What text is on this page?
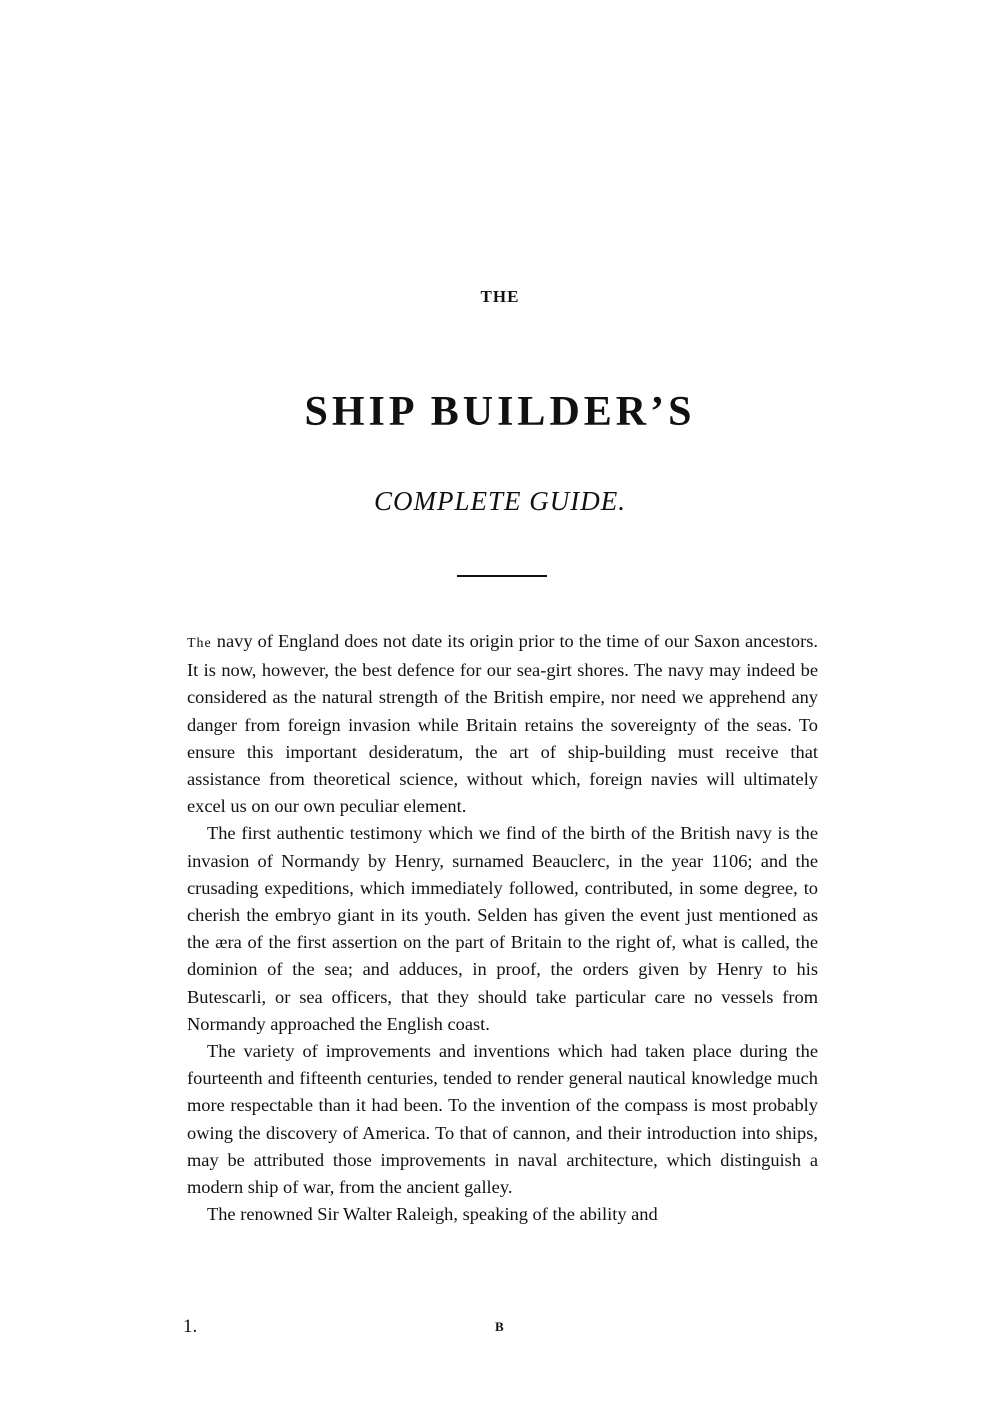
THE
SHIP BUILDER’S
COMPLETE GUIDE.

The navy of England does not date its origin prior to the time of our Saxon ancestors. It is now, however, the best defence for our sea-girt shores. The navy may indeed be considered as the natural strength of the British empire, nor need we apprehend any danger from foreign invasion while Britain retains the sovereignty of the seas. To ensure this important desideratum, the art of ship-building must receive that assistance from theoretical science, without which, foreign navies will ultimately excel us on our own peculiar element.

The first authentic testimony which we find of the birth of the British navy is the invasion of Normandy by Henry, surnamed Beauclerc, in the year 1106; and the crusading expeditions, which immediately followed, contributed, in some degree, to cherish the embryo giant in its youth. Selden has given the event just mentioned as the æra of the first assertion on the part of Britain to the right of, what is called, the dominion of the sea; and adduces, in proof, the orders given by Henry to his Butescarli, or sea officers, that they should take particular care no vessels from Normandy approached the English coast.

The variety of improvements and inventions which had taken place during the fourteenth and fifteenth centuries, tended to render general nautical knowledge much more respectable than it had been. To the invention of the compass is most probably owing the discovery of America. To that of cannon, and their introduction into ships, may be attributed those improvements in naval architecture, which distinguish a modern ship of war, from the ancient galley.

The renowned Sir Walter Raleigh, speaking of the ability and

1.	B
